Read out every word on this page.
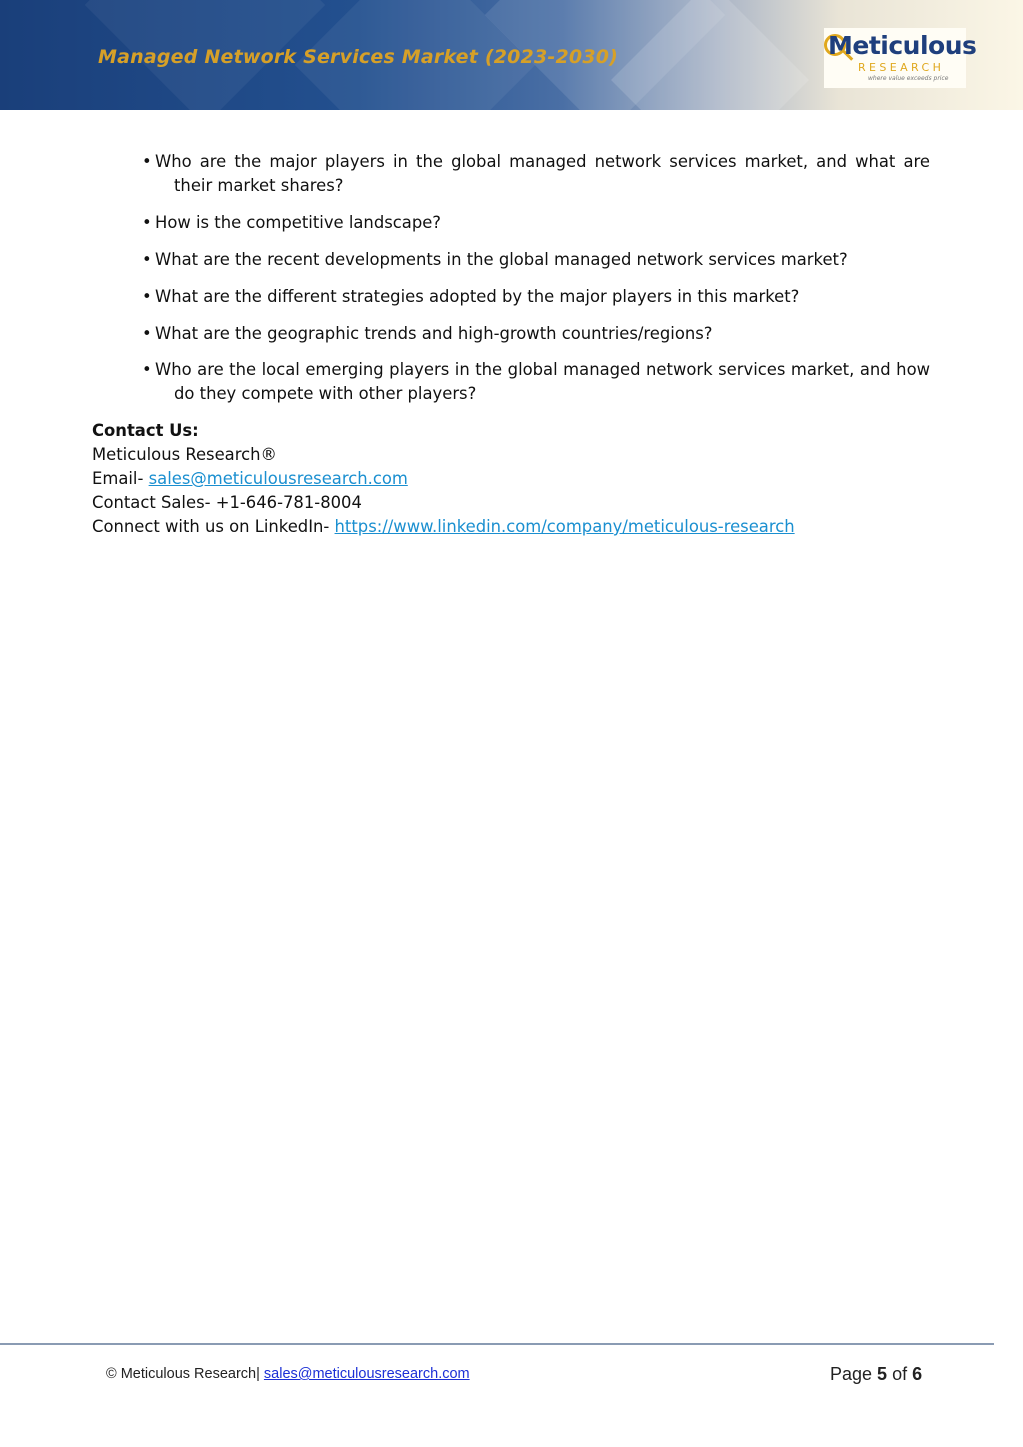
Managed Network Services Market (2023-2030)	Meticulous
RESEARCH
where value exceeds price
• Who are the major players in the global managed network services market, and what are their market shares?
• How is the competitive landscape?
• What are the recent developments in the global managed network services market?
• What are the different strategies adopted by the major players in this market?
• What are the geographic trends and high-growth countries/regions?
• Who are the local emerging players in the global managed network services market, and how do they compete with other players?
Contact Us:
Meticulous Research®
Email- sales@meticulousresearch.com
Contact Sales- +1-646-781-8004
Connect with us on LinkedIn- https://www.linkedin.com/company/meticulous-research
© Meticulous Research| sales@meticulousresearch.com	Page 5 of 6
